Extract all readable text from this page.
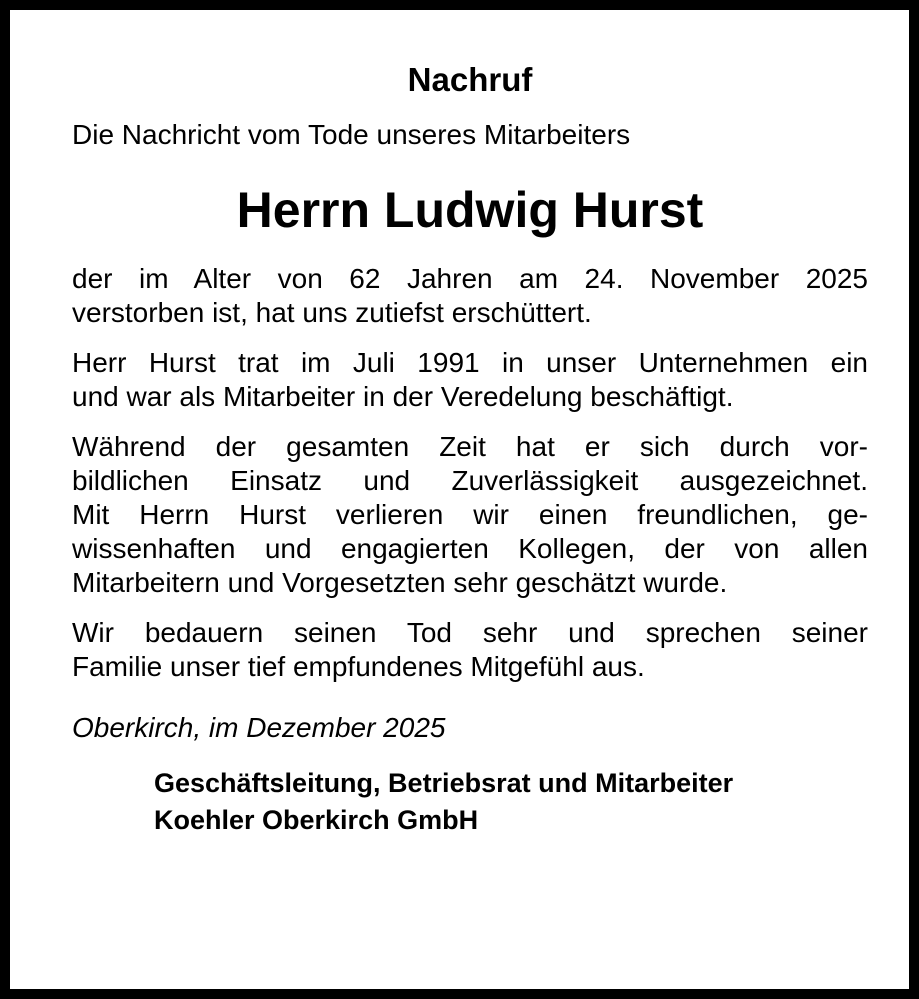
Nachruf

Die Nachricht vom Tode unseres Mitarbeiters

Herrn Ludwig Hurst

der im Alter von 62 Jahren am 24. November 2025
verstorben ist, hat uns zutiefst erschüttert.

Herr Hurst trat im Juli 1991 in unser Unternehmen ein
und war als Mitarbeiter in der Veredelung beschäftigt.

Während der gesamten Zeit hat er sich durch vor-
bildlichen Einsatz und Zuverlässigkeit ausgezeichnet.
Mit Herrn Hurst verlieren wir einen freundlichen, ge-
wissenhaften und engagierten Kollegen, der von allen
Mitarbeitern und Vorgesetzten sehr geschätzt wurde.

Wir bedauern seinen Tod sehr und sprechen seiner
Familie unser tief empfundenes Mitgefühl aus.

Oberkirch, im Dezember 2025

Geschäftsleitung, Betriebsrat und Mitarbeiter
Koehler Oberkirch GmbH
